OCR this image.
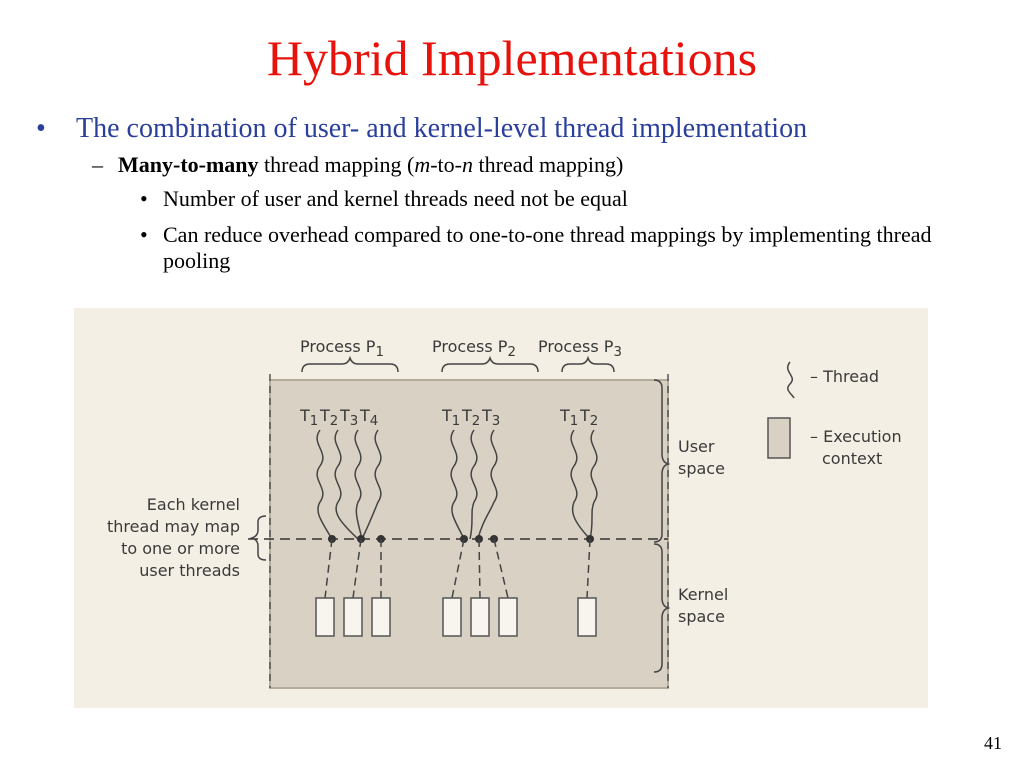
Hybrid Implementations
• The combination of user- and kernel-level thread implementation
– Many-to-many thread mapping (m-to-n thread mapping)
• Number of user and kernel threads need not be equal
• Can reduce overhead compared to one-to-one thread mappings by implementing thread pooling
Process $P_1$	Process $P_2$ Process $P_3$
$T_1$ $T_2$ $T_3$ $T_4$	$T_1$ $T_2$ $T_3$	$T_1$ $T_2$
User
space
Kernel
space
Each kernel
thread may map
to one or more
user threads
– Thread
– Execution
context
41
